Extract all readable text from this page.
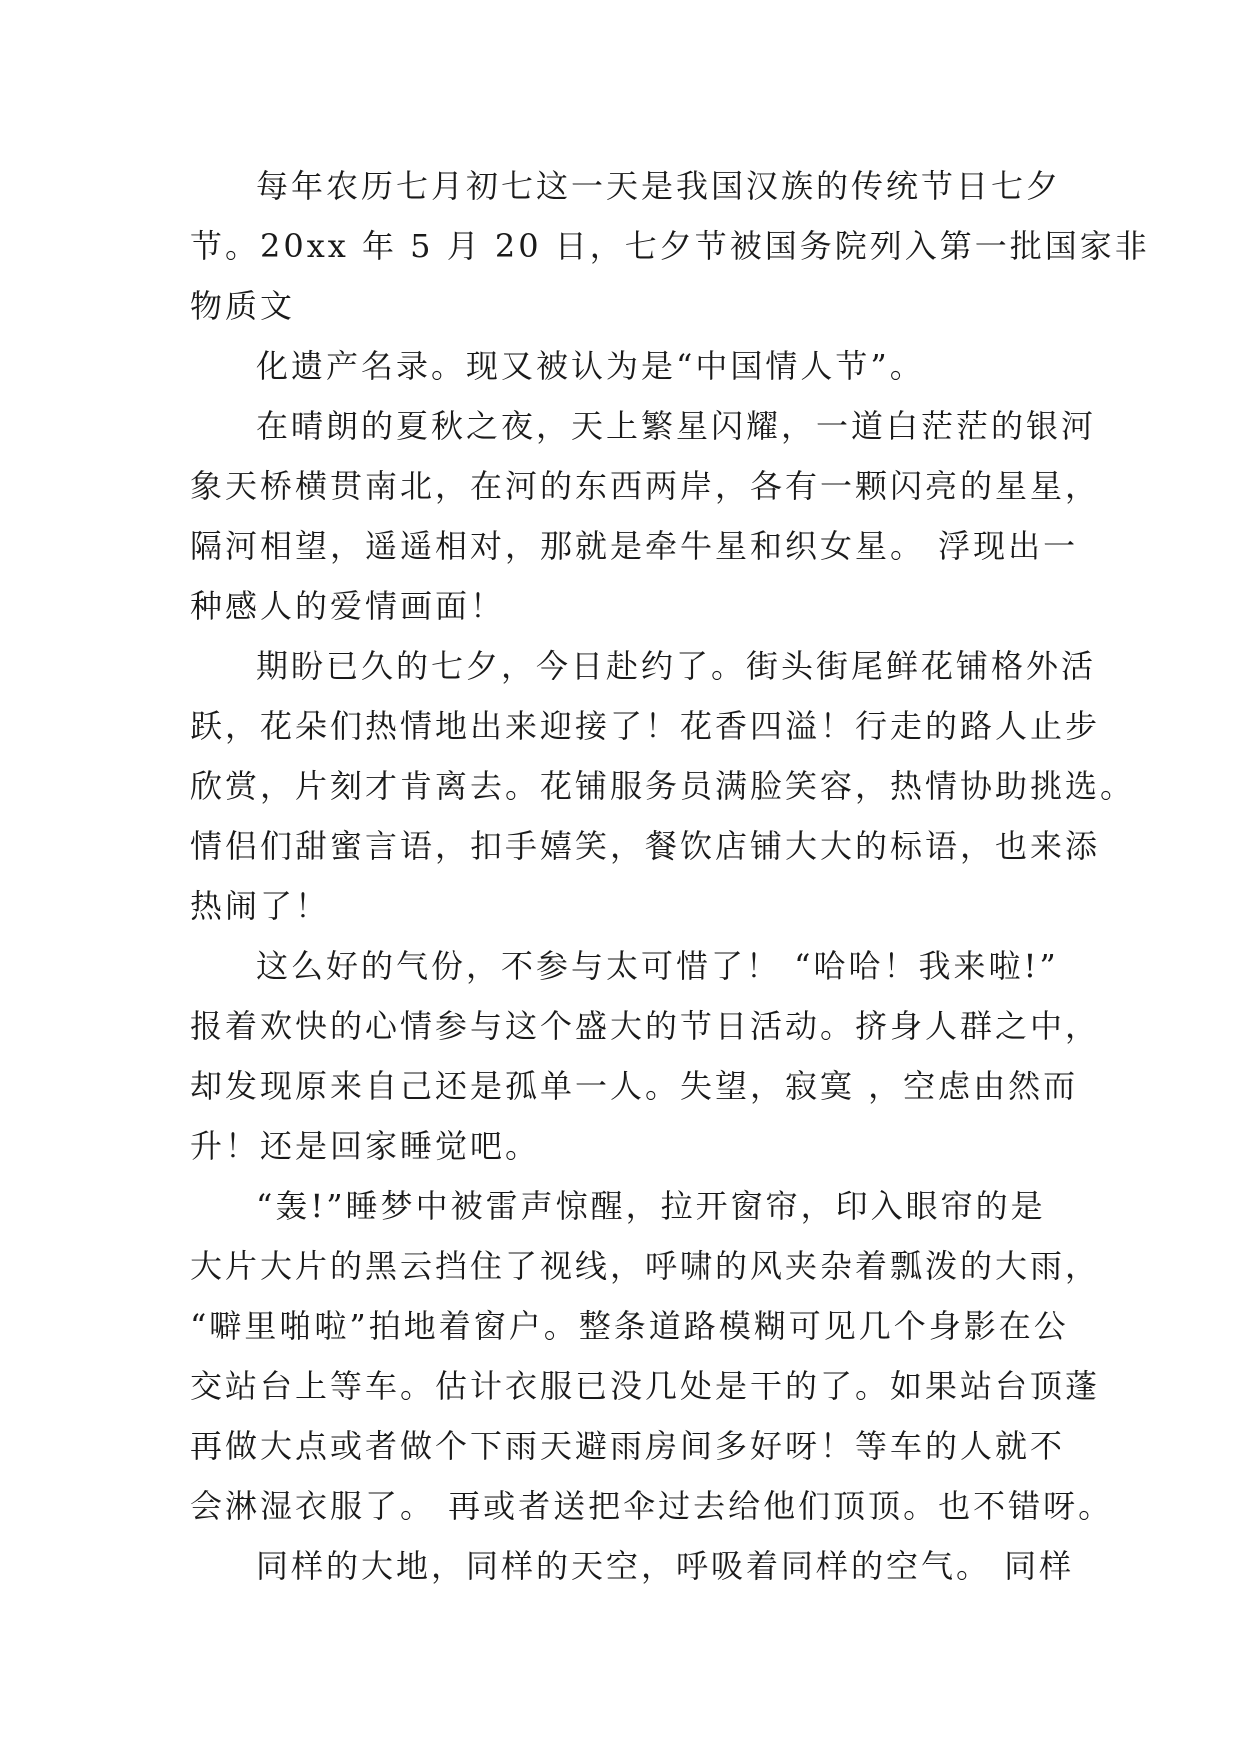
每年农历七月初七这一天是我国汉族的传统节日七夕
节。20xx 年 5 月 20 日，七夕节被国务院列入第一批国家非
物质文
化遗产名录。现又被认为是“中国情人节”。
在晴朗的夏秋之夜，天上繁星闪耀，一道白茫茫的银河
象天桥横贯南北，在河的东西两岸，各有一颗闪亮的星星，
隔河相望，遥遥相对，那就是牵牛星和织女星。 浮现出一
种感人的爱情画面！
期盼已久的七夕，今日赴约了。街头街尾鲜花铺格外活
跃，花朵们热情地出来迎接了！花香四溢！行走的路人止步
欣赏，片刻才肯离去。花铺服务员满脸笑容，热情协助挑选。
情侣们甜蜜言语，扣手嬉笑，餐饮店铺大大的标语，也来添
热闹了！
这么好的气份，不参与太可惜了！ “哈哈！我来啦!”
报着欢快的心情参与这个盛大的节日活动。挤身人群之中，
却发现原来自己还是孤单一人。失望，寂寞 ，空虑由然而
升！还是回家睡觉吧。
“轰!”睡梦中被雷声惊醒，拉开窗帘，印入眼帘的是
大片大片的黑云挡住了视线，呼啸的风夹杂着瓢泼的大雨，
“噼里啪啦”拍地着窗户。整条道路模糊可见几个身影在公
交站台上等车。估计衣服已没几处是干的了。如果站台顶蓬
再做大点或者做个下雨天避雨房间多好呀！等车的人就不
会淋湿衣服了。 再或者送把伞过去给他们顶顶。也不错呀。
同样的大地，同样的天空，呼吸着同样的空气。 同样
